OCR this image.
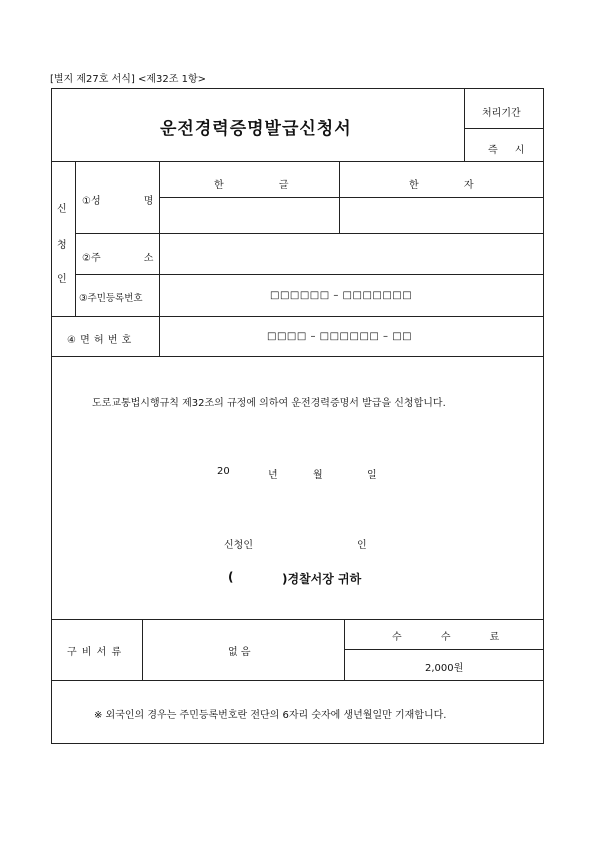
[별지 제27호 서식] <제32조 1항>
운전경력증명발급신청서
처리기간
즉 시
신
청
인
①성 명
한 글	한 자
②주 소
③주민등록번호	□□□□□□ – □□□□□□□
④ 면 허 번 호	□□□□ – □□□□□□ – □□
도로교통법시행규칙 제32조의 규정에 의하여 운전경력증명서 발급을 신청합니다.
20	년	월	일
신청인	인
(	)경찰서장 귀하
구 비 서 류	없 음
수 수 료
2,000원
※ 외국인의 경우는 주민등록번호란 전단의 6자리 숫자에 생년월일만 기재합니다.
